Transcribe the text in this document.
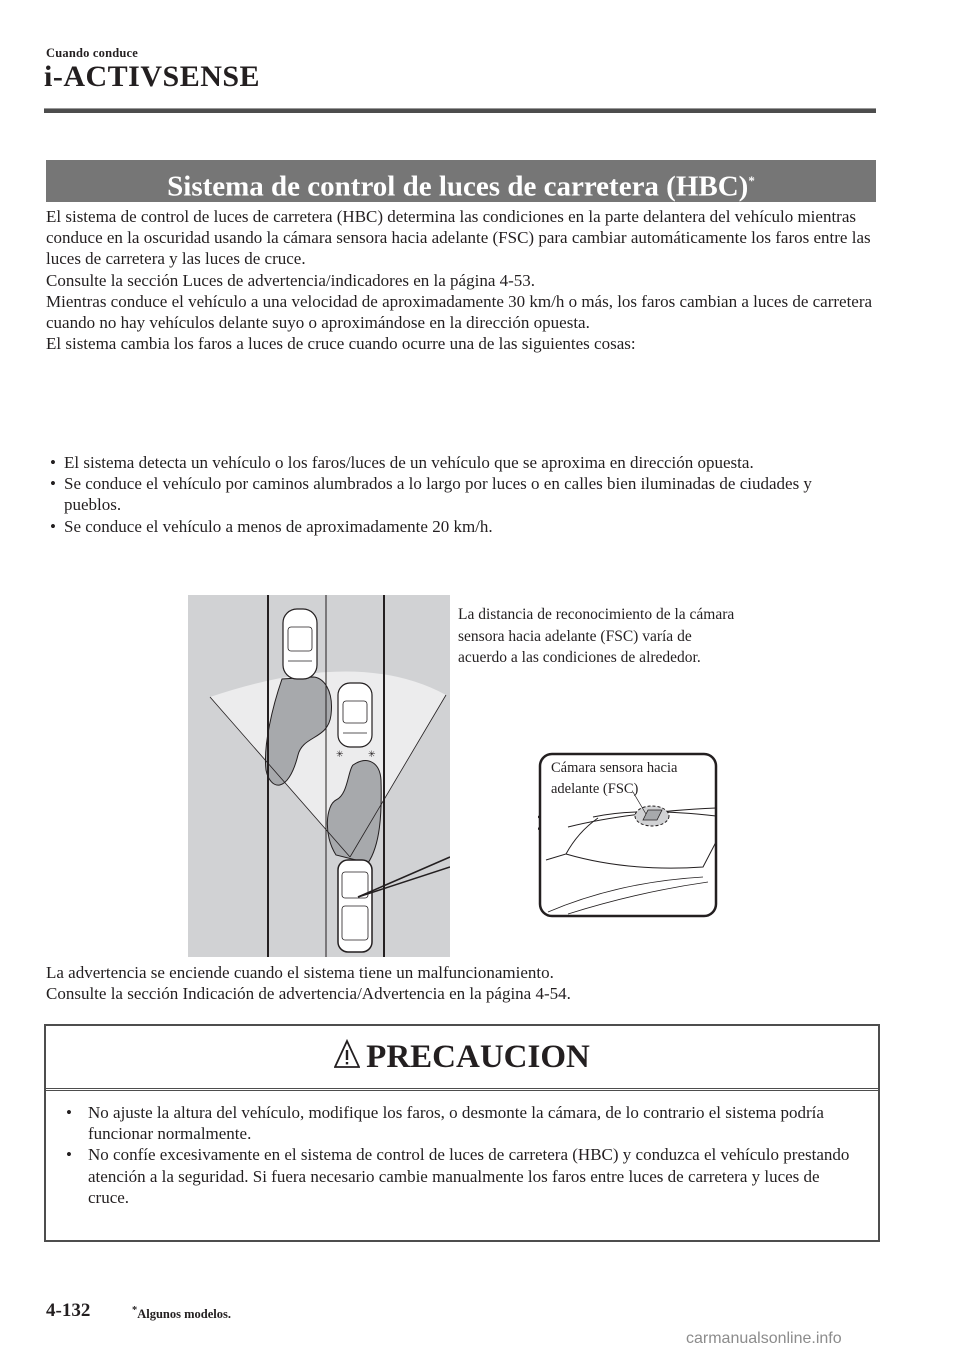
Cuando conduce
i-ACTIVSENSE
Sistema de control de luces de carretera (HBC)*

El sistema de control de luces de carretera (HBC) determina las condiciones en la parte delantera del vehículo mientras conduce en la oscuridad usando la cámara sensora hacia adelante (FSC) para cambiar automáticamente los faros entre las luces de carretera y las luces de cruce.

Consulte la sección Luces de advertencia/indicadores en la página 4-53.

Mientras conduce el vehículo a una velocidad de aproximadamente 30 km/h o más, los faros cambian a luces de carretera cuando no hay vehículos delante suyo o aproximándose en la dirección opuesta.

El sistema cambia los faros a luces de cruce cuando ocurre una de las siguientes cosas:

• El sistema detecta un vehículo o los faros/luces de un vehículo que se aproxima en dirección opuesta.
• Se conduce el vehículo por caminos alumbrados a lo largo por luces o en calles bien iluminadas de ciudades y pueblos.
• Se conduce el vehículo a menos de aproximadamente 20 km/h.
✳	✳
La distancia de reconocimiento de la cámara sensora hacia adelante (FSC) varía de acuerdo a las condiciones de alrededor.
Cámara sensora hacia
adelante (FSC)

La advertencia se enciende cuando el sistema tiene un malfuncionamiento.

Consulte la sección Indicación de advertencia/Advertencia en la página 4-54.

PRECAUCION
• No ajuste la altura del vehículo, modifique los faros, o desmonte la cámara, de lo contrario el sistema podría funcionar normalmente.
• No confíe excesivamente en el sistema de control de luces de carretera (HBC) y conduzca el vehículo prestando atención a la seguridad. Si fuera necesario cambie manualmente los faros entre luces de carretera y luces de cruce.
4-132	*Algunos modelos.
carmanualsonline.info
